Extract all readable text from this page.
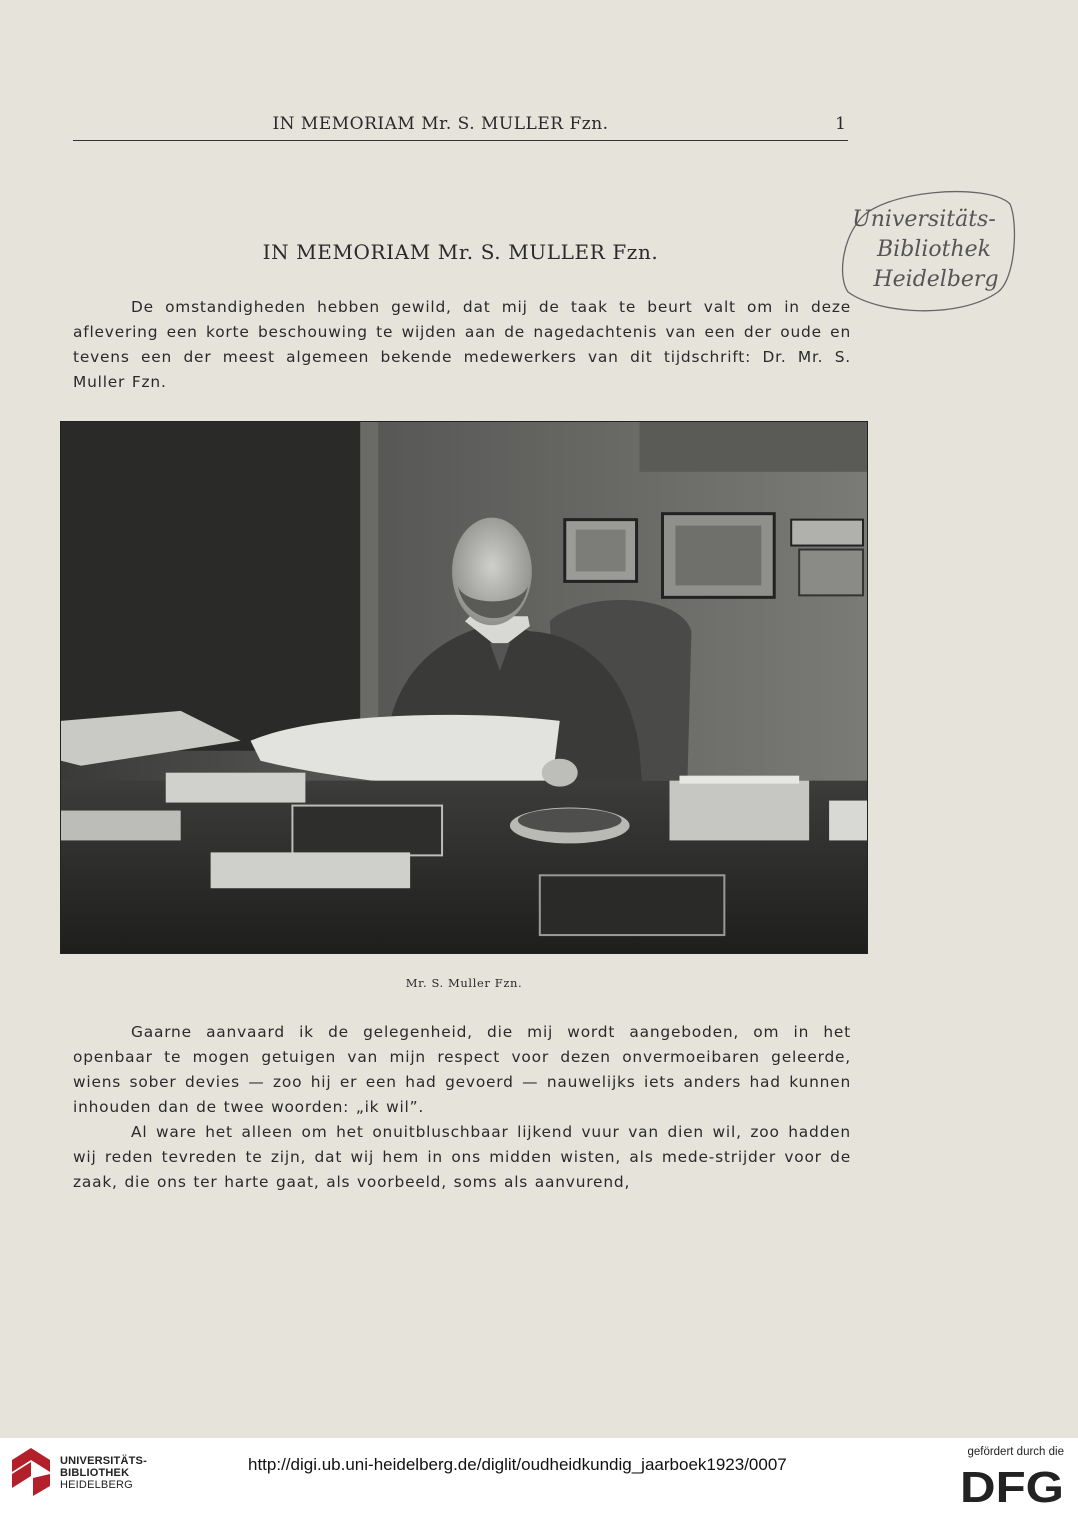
IN MEMORIAM Mr. S. MULLER Fzn.	1
Universitäts-
Bibliothek
Heidelberg
IN MEMORIAM Mr. S. MULLER Fzn.
De omstandigheden hebben gewild, dat mij de taak te beurt valt om in deze aflevering een korte beschouwing te wijden aan de nagedachtenis van een der oude en tevens een der meest algemeen bekende medewerkers van dit tijdschrift: Dr. Mr. S. Muller Fzn.
Mr. S. Muller Fzn.
Gaarne aanvaard ik de gelegenheid, die mij wordt aangeboden, om in het openbaar te mogen getuigen van mijn respect voor dezen onvermoeibaren geleerde, wiens sober devies — zoo hij er een had gevoerd — nauwelijks iets anders had kunnen inhouden dan de twee woorden: „ik wil”.
Al ware het alleen om het onuitbluschbaar lijkend vuur van dien wil, zoo hadden wij reden tevreden te zijn, dat wij hem in ons midden wisten, als mede-strijder voor de zaak, die ons ter harte gaat, als voorbeeld, soms als aanvurend,
UNIVERSITÄTS-
BIBLIOTHEK
HEIDELBERG
http://digi.ub.uni-heidelberg.de/diglit/oudheidkundig_jaarboek1923/0007
gefördert durch die
DFG
